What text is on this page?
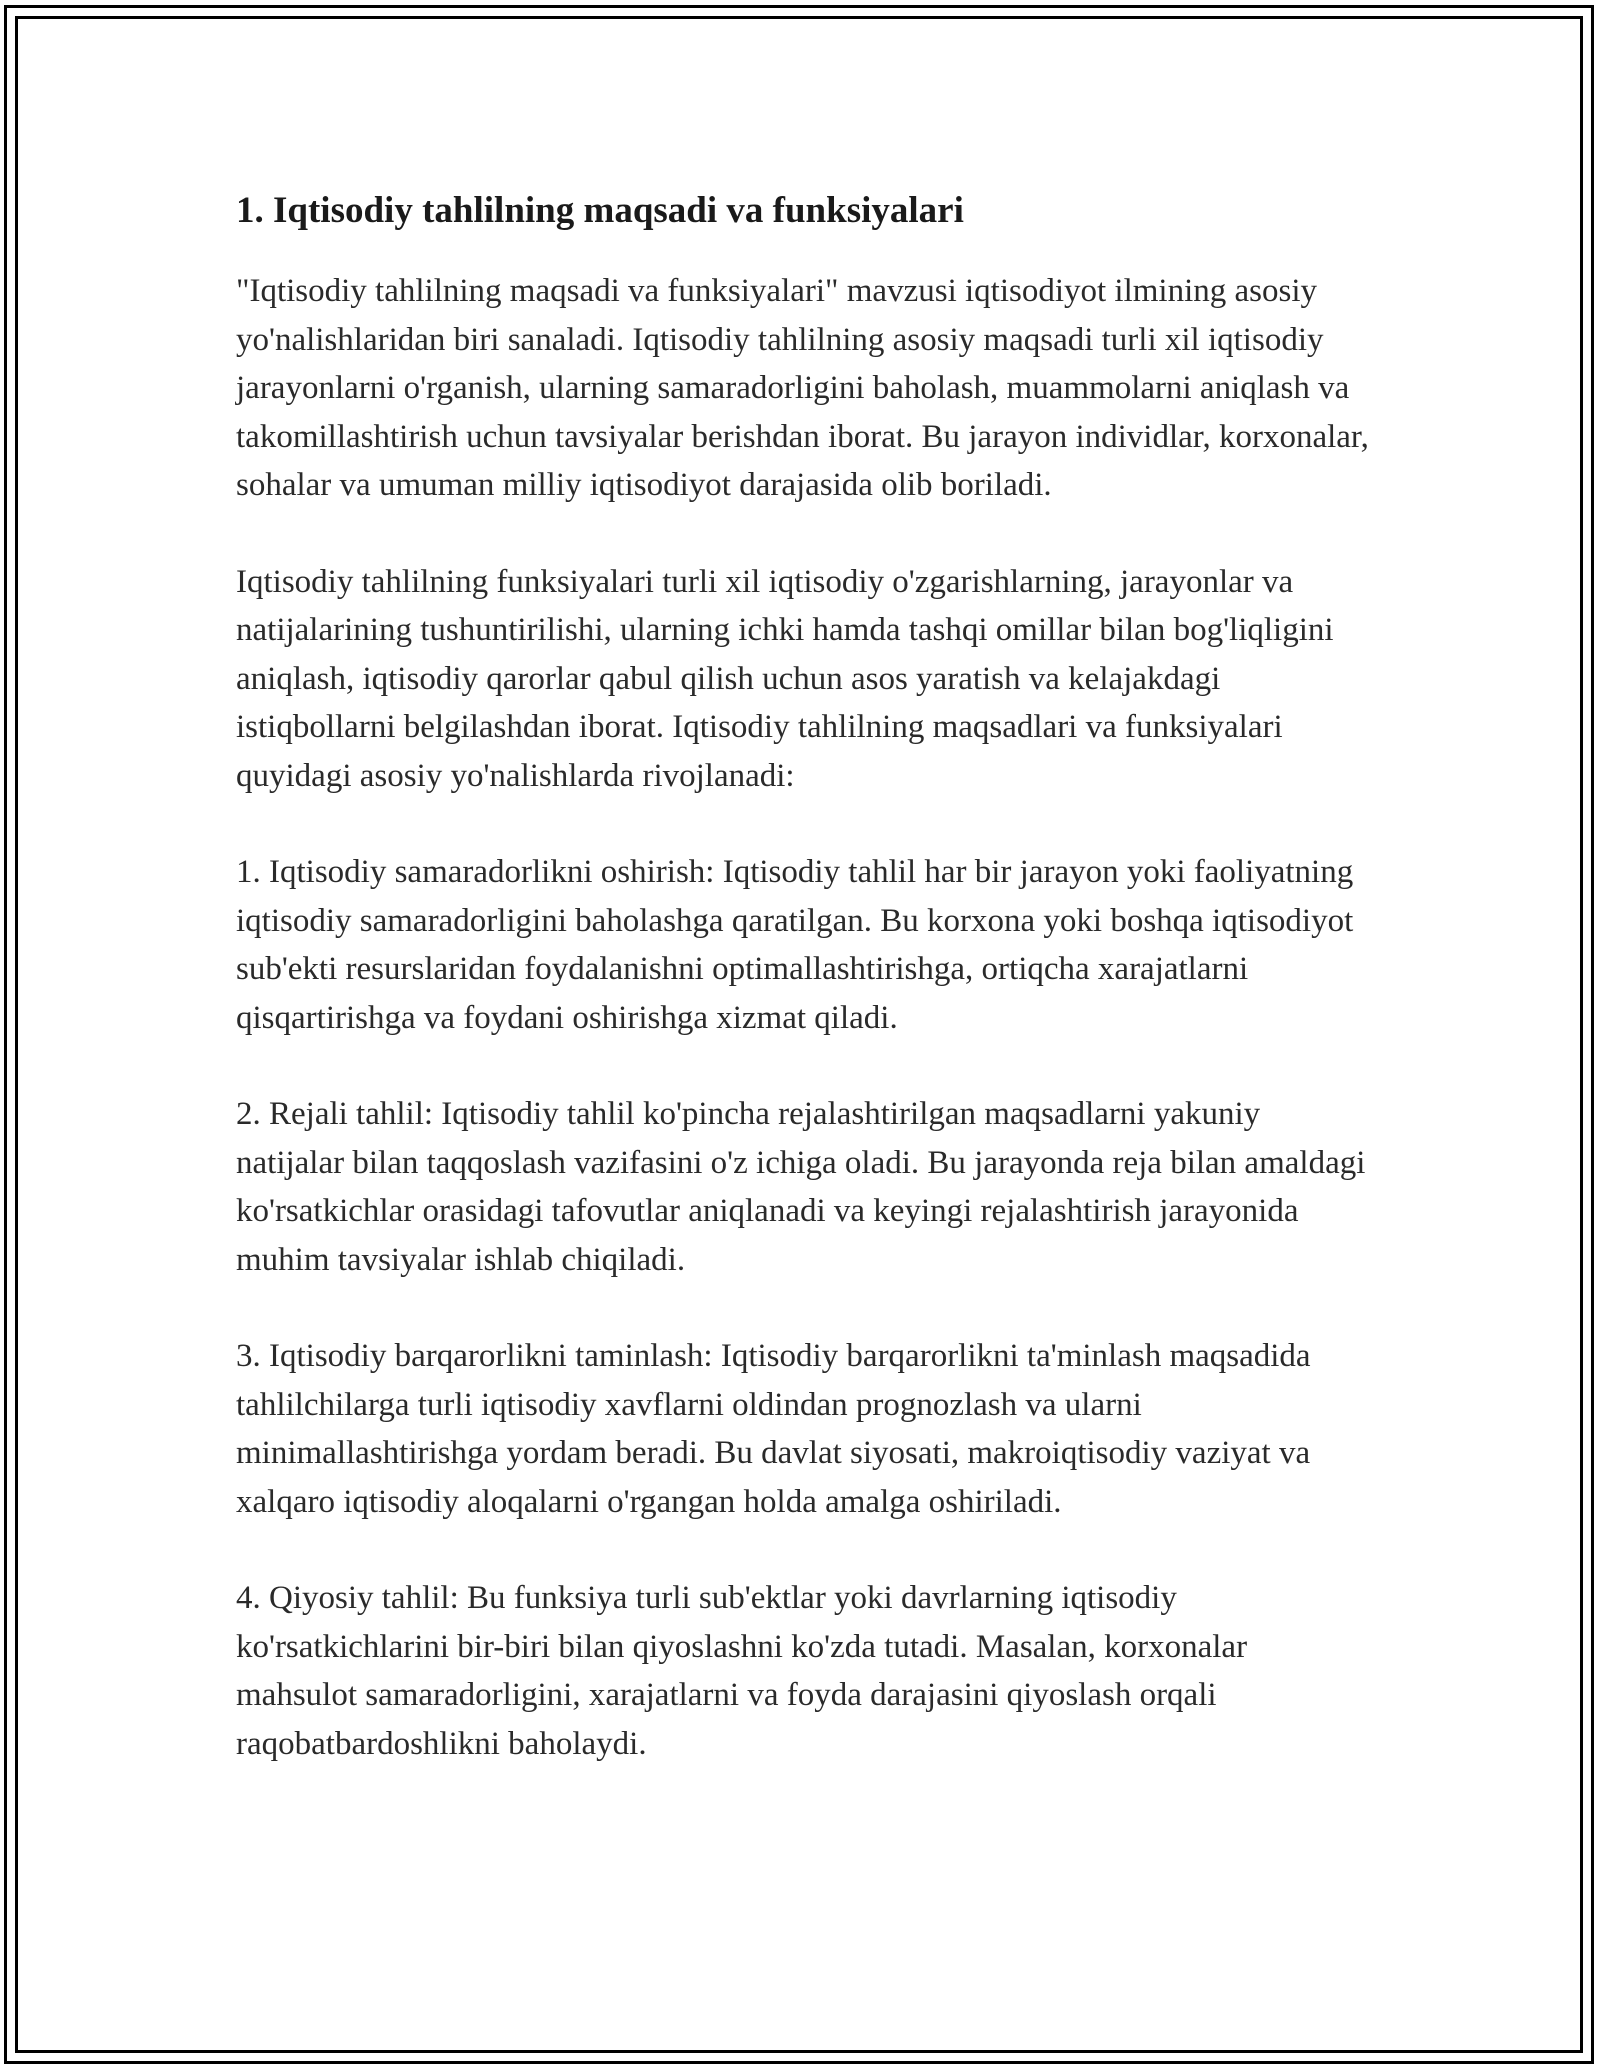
1. Iqtisodiy tahlilning maqsadi va funksiyalari

"Iqtisodiy tahlilning maqsadi va funksiyalari" mavzusi iqtisodiyot ilmining asosiy yo'nalishlaridan biri sanaladi. Iqtisodiy tahlilning asosiy maqsadi turli xil iqtisodiy jarayonlarni o'rganish, ularning samaradorligini baholash, muammolarni aniqlash va takomillashtirish uchun tavsiyalar berishdan iborat. Bu jarayon individlar, korxonalar, sohalar va umuman milliy iqtisodiyot darajasida olib boriladi.

Iqtisodiy tahlilning funksiyalari turli xil iqtisodiy o'zgarishlarning, jarayonlar va natijalarining tushuntirilishi, ularning ichki hamda tashqi omillar bilan bog'liqligini aniqlash, iqtisodiy qarorlar qabul qilish uchun asos yaratish va kelajakdagi istiqbollarni belgilashdan iborat. Iqtisodiy tahlilning maqsadlari va funksiyalari quyidagi asosiy yo'nalishlarda rivojlanadi:

1. Iqtisodiy samaradorlikni oshirish: Iqtisodiy tahlil har bir jarayon yoki faoliyatning iqtisodiy samaradorligini baholashga qaratilgan. Bu korxona yoki boshqa iqtisodiyot sub'ekti resurslaridan foydalanishni optimallashtirishga, ortiqcha xarajatlarni qisqartirishga va foydani oshirishga xizmat qiladi.

2. Rejali tahlil: Iqtisodiy tahlil ko'pincha rejalashtirilgan maqsadlarni yakuniy natijalar bilan taqqoslash vazifasini o'z ichiga oladi. Bu jarayonda reja bilan amaldagi ko'rsatkichlar orasidagi tafovutlar aniqlanadi va keyingi rejalashtirish jarayonida muhim tavsiyalar ishlab chiqiladi.

3. Iqtisodiy barqarorlikni taminlash: Iqtisodiy barqarorlikni ta'minlash maqsadida tahlilchilarga turli iqtisodiy xavflarni oldindan prognozlash va ularni minimallashtirishga yordam beradi. Bu davlat siyosati, makroiqtisodiy vaziyat va xalqaro iqtisodiy aloqalarni o'rgangan holda amalga oshiriladi.

4. Qiyosiy tahlil: Bu funksiya turli sub'ektlar yoki davrlarning iqtisodiy ko'rsatkichlarini bir-biri bilan qiyoslashni ko'zda tutadi. Masalan, korxonalar mahsulot samaradorligini, xarajatlarni va foyda darajasini qiyoslash orqali raqobatbardoshlikni baholaydi.
